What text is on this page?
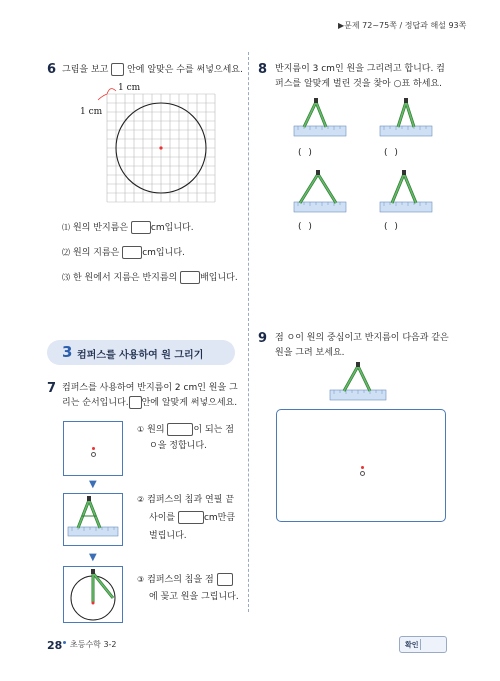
▶문제 72~75쪽 / 정답과 해설 93쪽
6 그림을 보고 안에 알맞은 수를 써넣으세요.
1 cm
1 cm
⑴ 원의 반지름은	cm입니다.
⑵ 원의 지름은	cm입니다.
⑶ 한 원에서 지름은 반지름의	배입니다.
3 컴퍼스를 사용하여 원 그리기
7 컴퍼스를 사용하여 반지름이 2 cm인 원을 그
리는 순서입니다. 안에 알맞게 써넣으세요.
▼
① 원의	이 되는 점
ㅇ을 정합니다.
▼
② 컴퍼스의 침과 연필 끝
사이를	cm만큼
벌립니다.
③ 컴퍼스의 침을 점
에 꽂고 원을 그립니다.
8 반지름이 3 cm인 원을 그리려고 합니다. 컴
퍼스를 알맞게 벌린 것을 찾아 ○표 하세요.
( )	( )
( )	( )
9 점 ㅇ이 원의 중심이고 반지름이 다음과 같은
원을 그려 보세요.
28 초등수학 3-2	확인
